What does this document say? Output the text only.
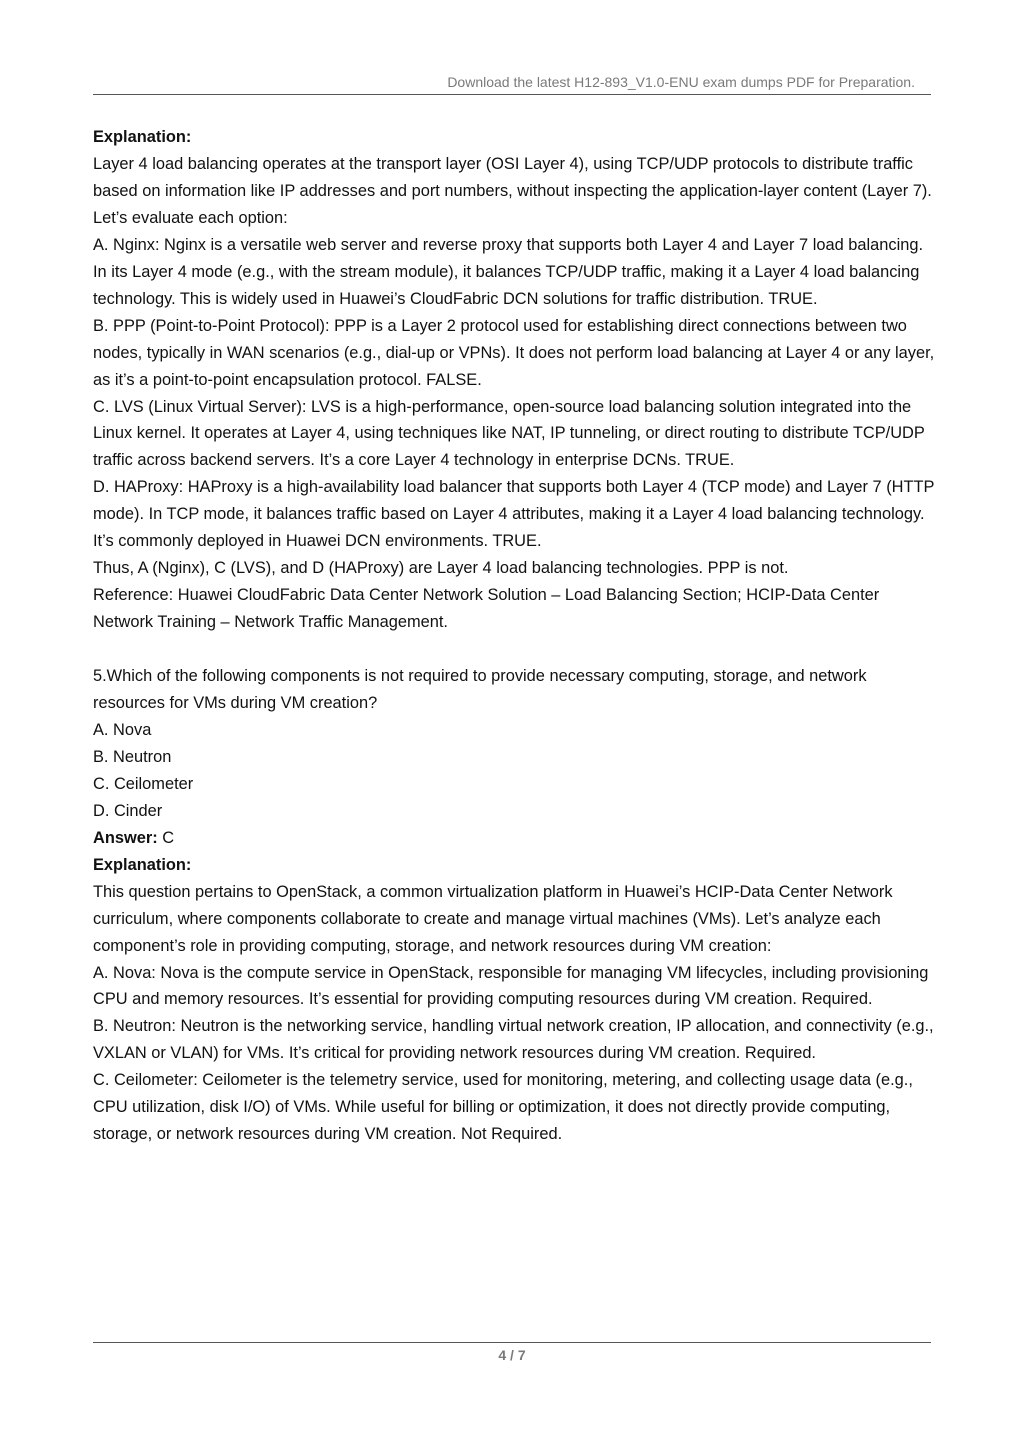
Download the latest H12-893_V1.0-ENU exam dumps PDF for Preparation.

Explanation:

Layer 4 load balancing operates at the transport layer (OSI Layer 4), using TCP/UDP protocols to distribute traffic based on information like IP addresses and port numbers, without inspecting the application-layer content (Layer 7).

Let’s evaluate each option:

A. Nginx: Nginx is a versatile web server and reverse proxy that supports both Layer 4 and Layer 7 load balancing. In its Layer 4 mode (e.g., with the stream module), it balances TCP/UDP traffic, making it a Layer 4 load balancing technology. This is widely used in Huawei’s CloudFabric DCN solutions for traffic distribution. TRUE.

B. PPP (Point-to-Point Protocol): PPP is a Layer 2 protocol used for establishing direct connections between two nodes, typically in WAN scenarios (e.g., dial-up or VPNs). It does not perform load balancing at Layer 4 or any layer, as it’s a point-to-point encapsulation protocol. FALSE.

C. LVS (Linux Virtual Server): LVS is a high-performance, open-source load balancing solution integrated into the Linux kernel. It operates at Layer 4, using techniques like NAT, IP tunneling, or direct routing to distribute TCP/UDP traffic across backend servers. It’s a core Layer 4 technology in enterprise DCNs. TRUE.

D. HAProxy: HAProxy is a high-availability load balancer that supports both Layer 4 (TCP mode) and Layer 7 (HTTP mode). In TCP mode, it balances traffic based on Layer 4 attributes, making it a Layer 4 load balancing technology. It’s commonly deployed in Huawei DCN environments. TRUE.

Thus, A (Nginx), C (LVS), and D (HAProxy) are Layer 4 load balancing technologies. PPP is not.

Reference: Huawei CloudFabric Data Center Network Solution – Load Balancing Section; HCIP-Data Center Network Training – Network Traffic Management.

5.Which of the following components is not required to provide necessary computing, storage, and network resources for VMs during VM creation?

A. Nova

B. Neutron

C. Ceilometer

D. Cinder

Answer: C

Explanation:

This question pertains to OpenStack, a common virtualization platform in Huawei’s HCIP-Data Center Network curriculum, where components collaborate to create and manage virtual machines (VMs). Let’s analyze each component’s role in providing computing, storage, and network resources during VM creation:

A. Nova: Nova is the compute service in OpenStack, responsible for managing VM lifecycles, including provisioning CPU and memory resources. It’s essential for providing computing resources during VM creation. Required.

B. Neutron: Neutron is the networking service, handling virtual network creation, IP allocation, and connectivity (e.g., VXLAN or VLAN) for VMs. It’s critical for providing network resources during VM creation. Required.

C. Ceilometer: Ceilometer is the telemetry service, used for monitoring, metering, and collecting usage data (e.g., CPU utilization, disk I/O) of VMs. While useful for billing or optimization, it does not directly provide computing, storage, or network resources during VM creation. Not Required.

4 / 7
